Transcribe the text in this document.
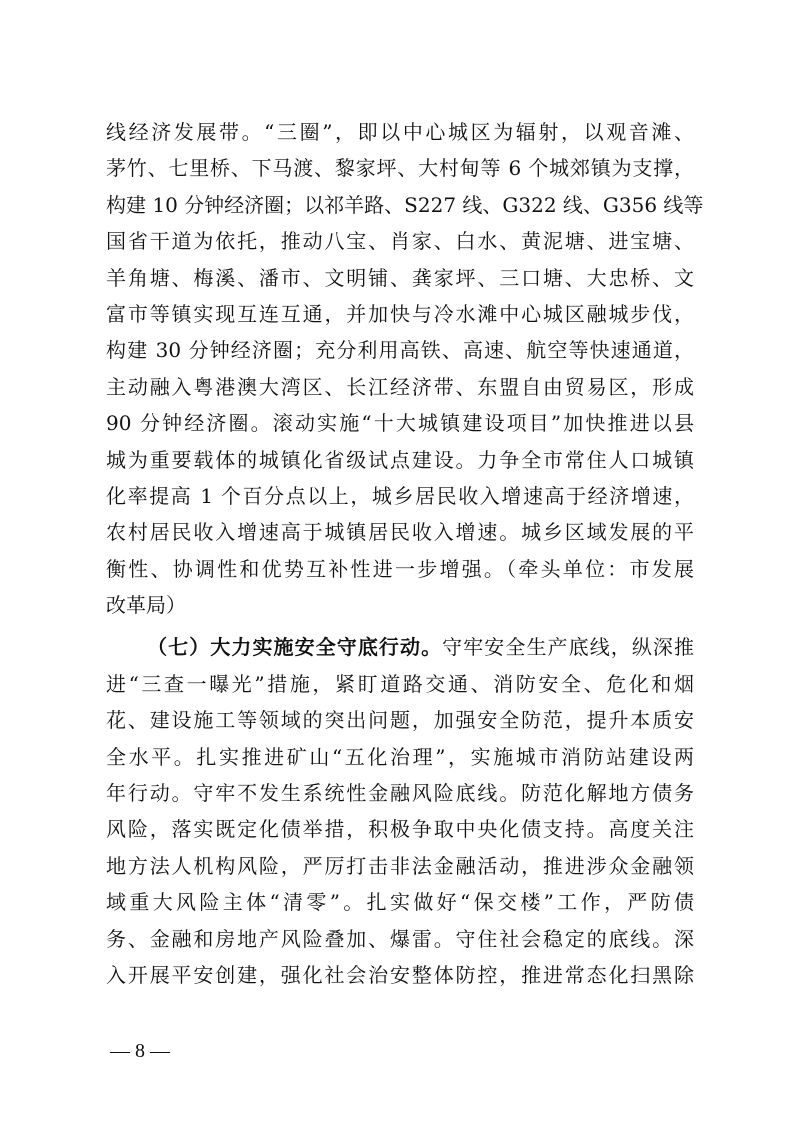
线经济发展带。“三圈”，即以中心城区为辐射，以观音滩、
茅竹、七里桥、下马渡、黎家坪、大村甸等 6 个城郊镇为支撑，
构建 10 分钟经济圈；以祁羊路、S227 线、G322 线、G356 线等
国省干道为依托，推动八宝、肖家、白水、黄泥塘、进宝塘、
羊角塘、梅溪、潘市、文明铺、龚家坪、三口塘、大忠桥、文
富市等镇实现互连互通，并加快与冷水滩中心城区融城步伐，
构建 30 分钟经济圈；充分利用高铁、高速、航空等快速通道，
主动融入粤港澳大湾区、长江经济带、东盟自由贸易区，形成
90 分钟经济圈。滚动实施“十大城镇建设项目”加快推进以县
城为重要载体的城镇化省级试点建设。力争全市常住人口城镇
化率提高 1 个百分点以上，城乡居民收入增速高于经济增速，
农村居民收入增速高于城镇居民收入增速。城乡区域发展的平
衡性、协调性和优势互补性进一步增强。（牵头单位：市发展
改革局）
（七）大力实施安全守底行动。守牢安全生产底线，纵深推
进“三查一曝光”措施，紧盯道路交通、消防安全、危化和烟
花、建设施工等领域的突出问题，加强安全防范，提升本质安
全水平。扎实推进矿山“五化治理”，实施城市消防站建设两
年行动。守牢不发生系统性金融风险底线。防范化解地方债务
风险，落实既定化债举措，积极争取中央化债支持。高度关注
地方法人机构风险，严厉打击非法金融活动，推进涉众金融领
域重大风险主体“清零”。扎实做好“保交楼”工作，严防债
务、金融和房地产风险叠加、爆雷。守住社会稳定的底线。深
入开展平安创建，强化社会治安整体防控，推进常态化扫黑除
— 8 —
